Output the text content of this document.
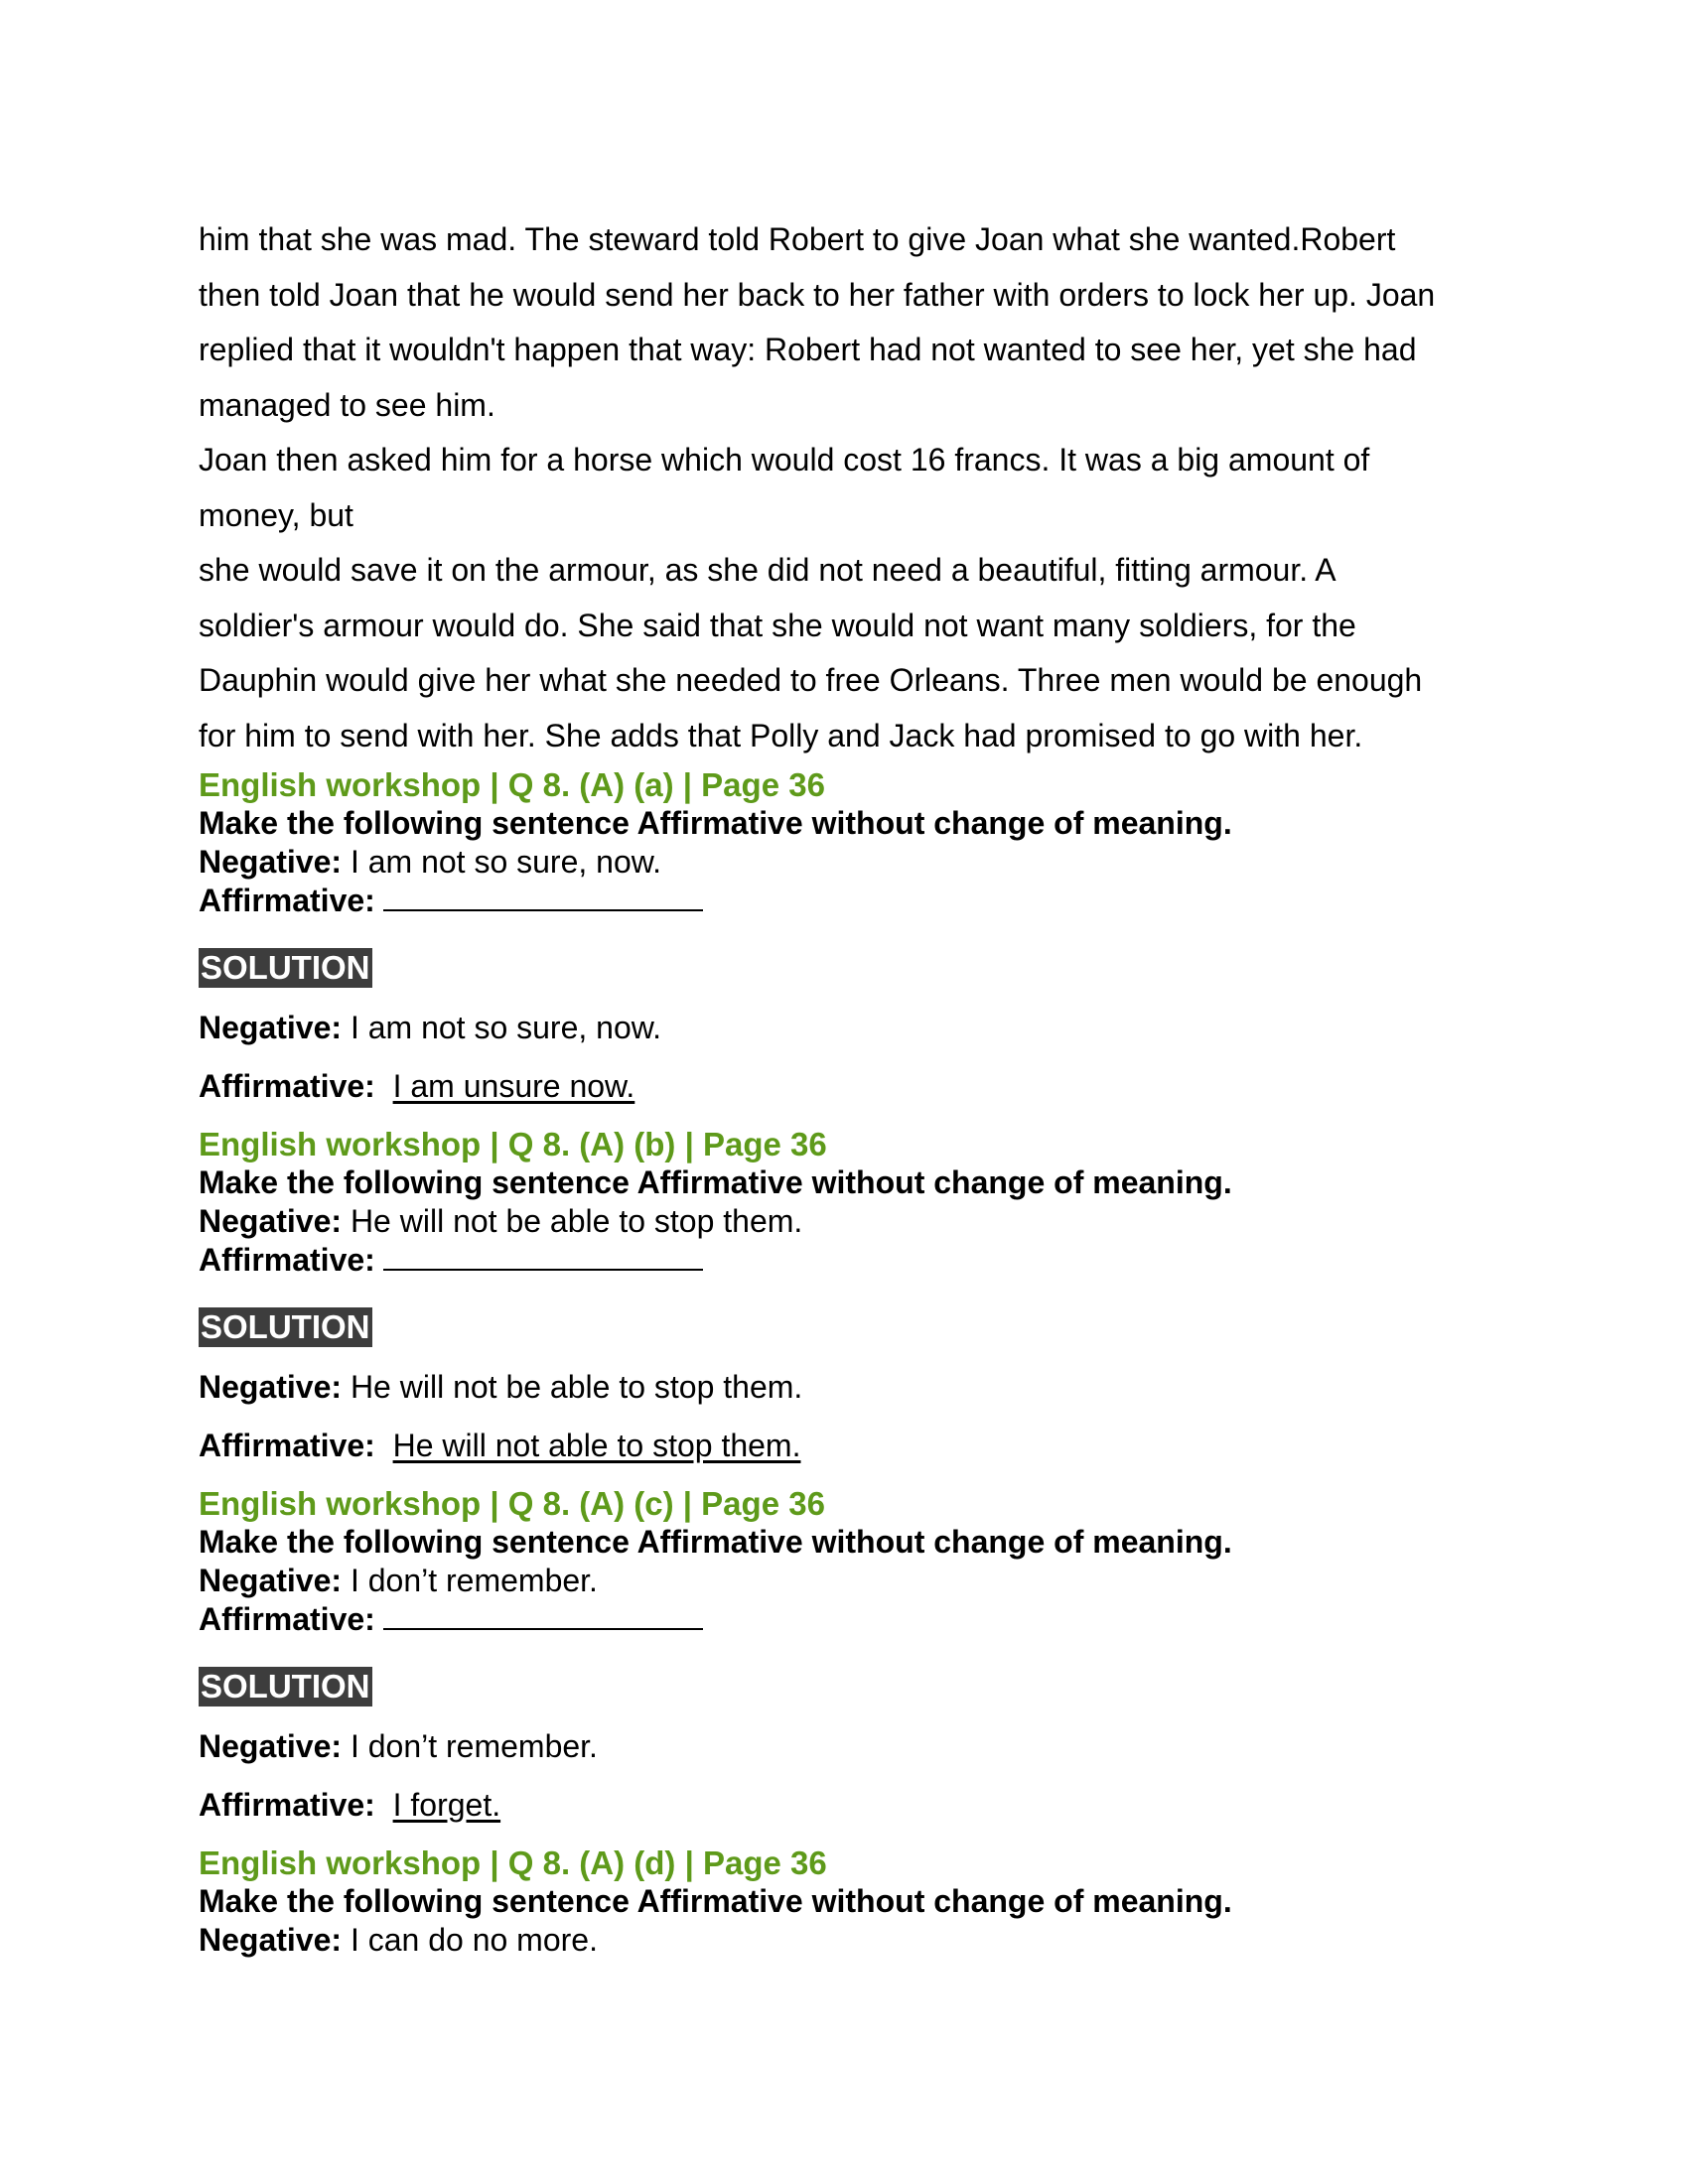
him that she was mad. The steward told Robert to give Joan what she wanted.Robert

then told Joan that he would send her back to her father with orders to lock her up. Joan

replied that it wouldn't happen that way: Robert had not wanted to see her, yet she had

managed to see him.

Joan then asked him for a horse which would cost 16 francs. It was a big amount of

money, but

she would save it on the armour, as she did not need a beautiful, fitting armour. A

soldier's armour would do. She said that she would not want many soldiers, for the

Dauphin would give her what she needed to free Orleans. Three men would be enough

for him to send with her. She adds that Polly and Jack had promised to go with her.

English workshop | Q 8. (A) (a) | Page 36

Make the following sentence Affirmative without change of meaning.

Negative: I am not so sure, now.

Affirmative:

SOLUTION

Negative: I am not so sure, now.

Affirmative: I am unsure now.

English workshop | Q 8. (A) (b) | Page 36

Make the following sentence Affirmative without change of meaning.

Negative: He will not be able to stop them.

Affirmative:

SOLUTION

Negative: He will not be able to stop them.

Affirmative: He will not able to stop them.

English workshop | Q 8. (A) (c) | Page 36

Make the following sentence Affirmative without change of meaning.

Negative: I don’t remember.

Affirmative:

SOLUTION

Negative: I don’t remember.

Affirmative: I forget.

English workshop | Q 8. (A) (d) | Page 36

Make the following sentence Affirmative without change of meaning.

Negative: I can do no more.
